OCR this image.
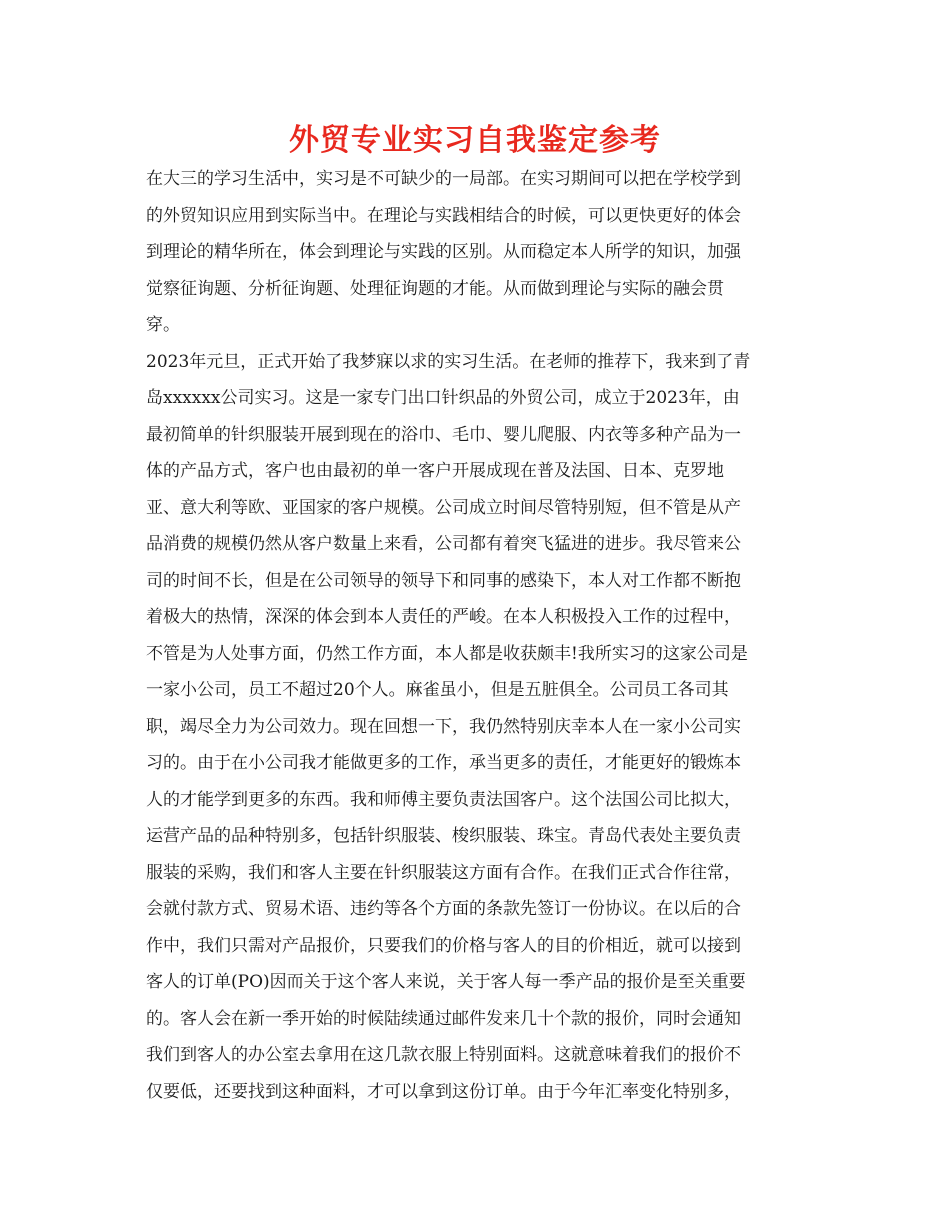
外贸专业实习自我鉴定参考
在大三的学习生活中，实习是不可缺少的一局部。在实习期间可以把在学校学到
的外贸知识应用到实际当中。在理论与实践相结合的时候，可以更快更好的体会
到理论的精华所在，体会到理论与实践的区别。从而稳定本人所学的知识，加强
觉察征询题、分析征询题、处理征询题的才能。从而做到理论与实际的融会贯
穿。
2023年元旦，正式开始了我梦寐以求的实习生活。在老师的推荐下，我来到了青
岛xxxxxx公司实习。这是一家专门出口针织品的外贸公司，成立于2023年，由
最初简单的针织服装开展到现在的浴巾、毛巾、婴儿爬服、内衣等多种产品为一
体的产品方式，客户也由最初的单一客户开展成现在普及法国、日本、克罗地
亚、意大利等欧、亚国家的客户规模。公司成立时间尽管特别短，但不管是从产
品消费的规模仍然从客户数量上来看，公司都有着突飞猛进的进步。我尽管来公
司的时间不长，但是在公司领导的领导下和同事的感染下，本人对工作都不断抱
着极大的热情，深深的体会到本人责任的严峻。在本人积极投入工作的过程中，
不管是为人处事方面，仍然工作方面，本人都是收获颇丰!我所实习的这家公司是
一家小公司，员工不超过20个人。麻雀虽小，但是五脏俱全。公司员工各司其
职，竭尽全力为公司效力。现在回想一下，我仍然特别庆幸本人在一家小公司实
习的。由于在小公司我才能做更多的工作，承当更多的责任，才能更好的锻炼本
人的才能学到更多的东西。我和师傅主要负责法国客户。这个法国公司比拟大，
运营产品的品种特别多，包括针织服装、梭织服装、珠宝。青岛代表处主要负责
服装的采购，我们和客人主要在针织服装这方面有合作。在我们正式合作往常，
会就付款方式、贸易术语、违约等各个方面的条款先签订一份协议。在以后的合
作中，我们只需对产品报价，只要我们的价格与客人的目的价相近，就可以接到
客人的订单(PO)因而关于这个客人来说，关于客人每一季产品的报价是至关重要
的。客人会在新一季开始的时候陆续通过邮件发来几十个款的报价，同时会通知
我们到客人的办公室去拿用在这几款衣服上特别面料。这就意味着我们的报价不
仅要低，还要找到这种面料，才可以拿到这份订单。由于今年汇率变化特别多，
